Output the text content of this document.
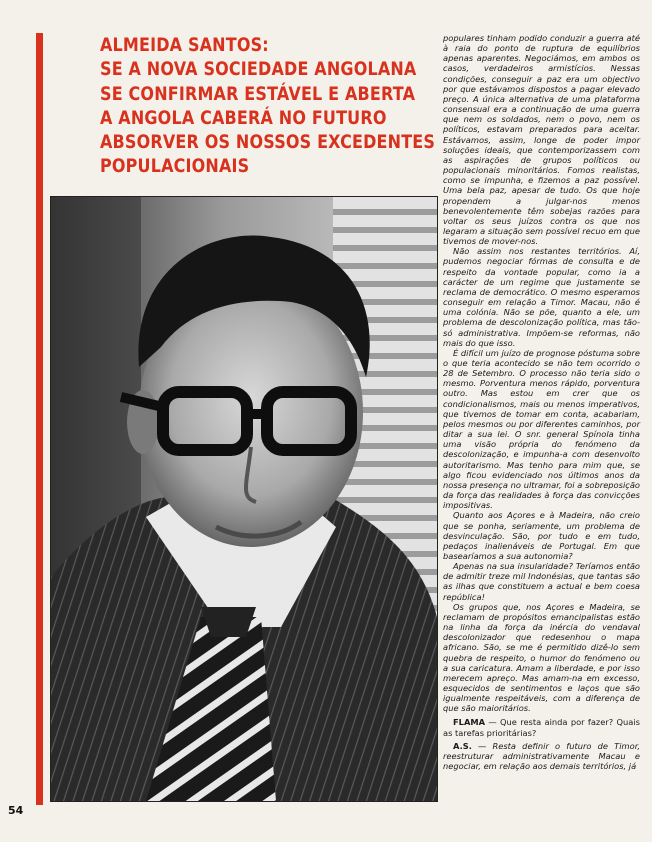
ALMEIDA SANTOS:
SE A NOVA SOCIEDADE ANGOLANA
SE CONFIRMAR ESTÁVEL E ABERTA
A ANGOLA CABERÁ NO FUTURO
ABSORVER OS NOSSOS EXCEDENTES
POPULACIONAIS

populares tinham podido conduzir a guerra até à raia do ponto de ruptura de equilíbrios apenas aparentes. Negociámos, em ambos os casos, verdadeiros armistícios. Nessas condições, conseguir a paz era um objectivo por que estávamos dispostos a pagar elevado preço. A única alternativa de uma plataforma consensual era a continuação de uma guerra que nem os soldados, nem o povo, nem os políticos, estavam preparados para aceitar. Estávamos, assim, longe de poder impor soluções ideais, que contemporizassem com as aspirações de grupos políticos ou populacionais minoritários. Fomos realistas, como se impunha, e fizemos a paz possível. Uma bela paz, apesar de tudo. Os que hoje propendem a julgar-nos menos benevolentemente têm sobejas razões para voltar os seus juízos contra os que nos legaram a situação sem possível recuo em que tivemos de mover-nos.

Não assim nos restantes territórios. Aí, pudemos negociar fórmas de consulta e de respeito da vontade popular, como ia a carácter de um regime que justamente se reclama de democrático. O mesmo esperamos conseguir em relação a Timor. Macau, não é uma colónia. Não se põe, quanto a ele, um problema de descolonização política, mas tão-só administrativa. Impõem-se reformas, não mais do que isso.

É difícil um juízo de prognose póstuma sobre o que teria acontecido se não tem ocorrido o 28 de Setembro. O processo não teria sido o mesmo. Porventura menos rápido, porventura outro. Mas estou em crer que os condicionalismos, mais ou menos imperativos, que tivemos de tomar em conta, acabariam, pelos mesmos ou por diferentes caminhos, por ditar a sua lei. O snr. general Spínola tinha uma visão própria do fenómeno da descolonização, e impunha-a com desenvolto autoritarismo. Mas tenho para mim que, se algo ficou evidenciado nos últimos anos da nossa presença no ultramar, foi a sobreposição da força das realidades à força das convicções impositivas.

Quanto aos Açores e à Madeira, não creio que se ponha, seriamente, um problema de desvinculação. São, por tudo e em tudo, pedaços inalienáveis de Portugal. Em que basearíamos a sua autonomia?

Apenas na sua insularidade? Teríamos então de admitir treze mil Indonésias, que tantas são as ilhas que constituem a actual e bem coesa república!

Os grupos que, nos Açores e Madeira, se reclamam de propósitos emancipalistas estão na linha da força da inércia do vendaval descolonizador que redesenhou o mapa africano. São, se me é permitido dizê-lo sem quebra de respeito, o humor do fenómeno ou a sua caricatura. Amam a liberdade, e por isso merecem apreço. Mas amam-na em excesso, esquecidos de sentimentos e laços que são igualmente respeitáveis, com a diferença de que são maioritários.

FLAMA — Que resta ainda por fazer? Quais as tarefas prioritárias?

A.S. — Resta definir o futuro de Timor, reestruturar administrativamente Macau e negociar, em relação aos demais territórios, já

54
